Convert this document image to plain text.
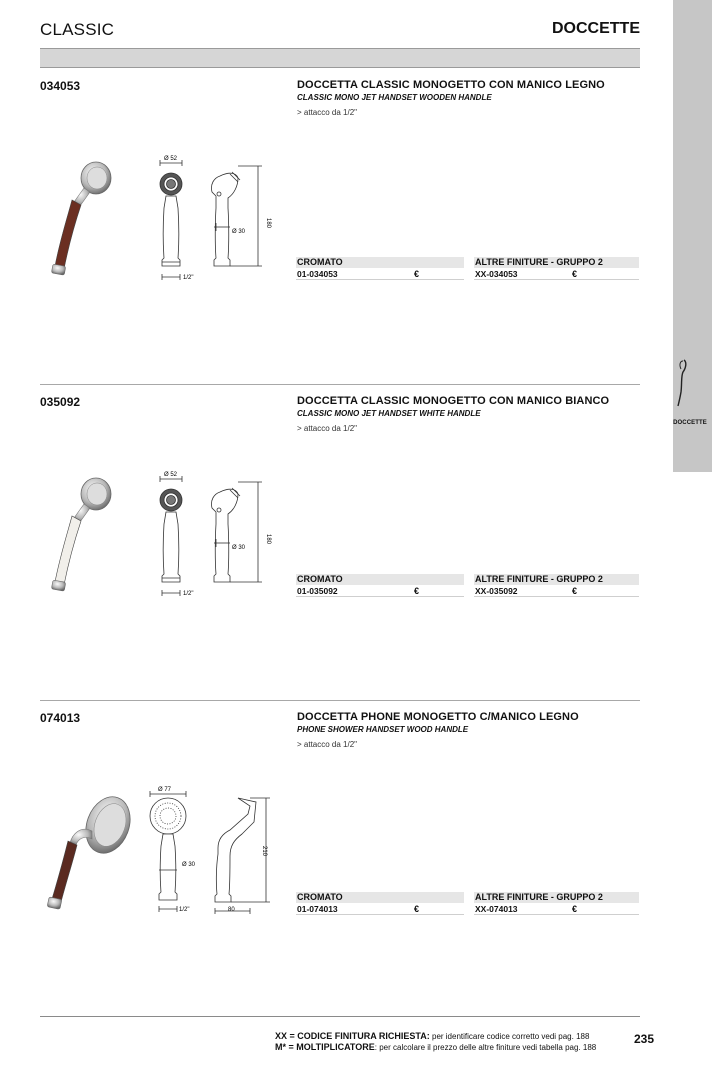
CLASSIC	DOCCETTE
DOCCETTE
034053	DOCCETTA CLASSIC MONOGETTO CON MANICO LEGNO
CLASSIC MONO JET HANDSET WOODEN HANDLE
> attacco da 1/2"
Ø 52
Ø 30
180
1/2"
CROMATO
01-034053	€
ALTRE FINITURE - GRUPPO 2
XX-034053	€
035092	DOCCETTA CLASSIC MONOGETTO CON MANICO BIANCO
CLASSIC MONO JET HANDSET WHITE HANDLE
> attacco da 1/2"
Ø 52
Ø 30
180
1/2"
CROMATO
01-035092	€
ALTRE FINITURE - GRUPPO 2
XX-035092	€
074013	DOCCETTA PHONE MONOGETTO C/MANICO LEGNO
PHONE SHOWER HANDSET WOOD HANDLE
> attacco da 1/2"
Ø 77
Ø 30
210
1/2"	80
CROMATO
01-074013	€
ALTRE FINITURE - GRUPPO 2
XX-074013	€
XX = CODICE FINITURA RICHIESTA: per identificare codice corretto vedi pag. 188
M* = MOLTIPLICATORE: per calcolare il prezzo delle altre finiture vedi tabella pag. 188
235
